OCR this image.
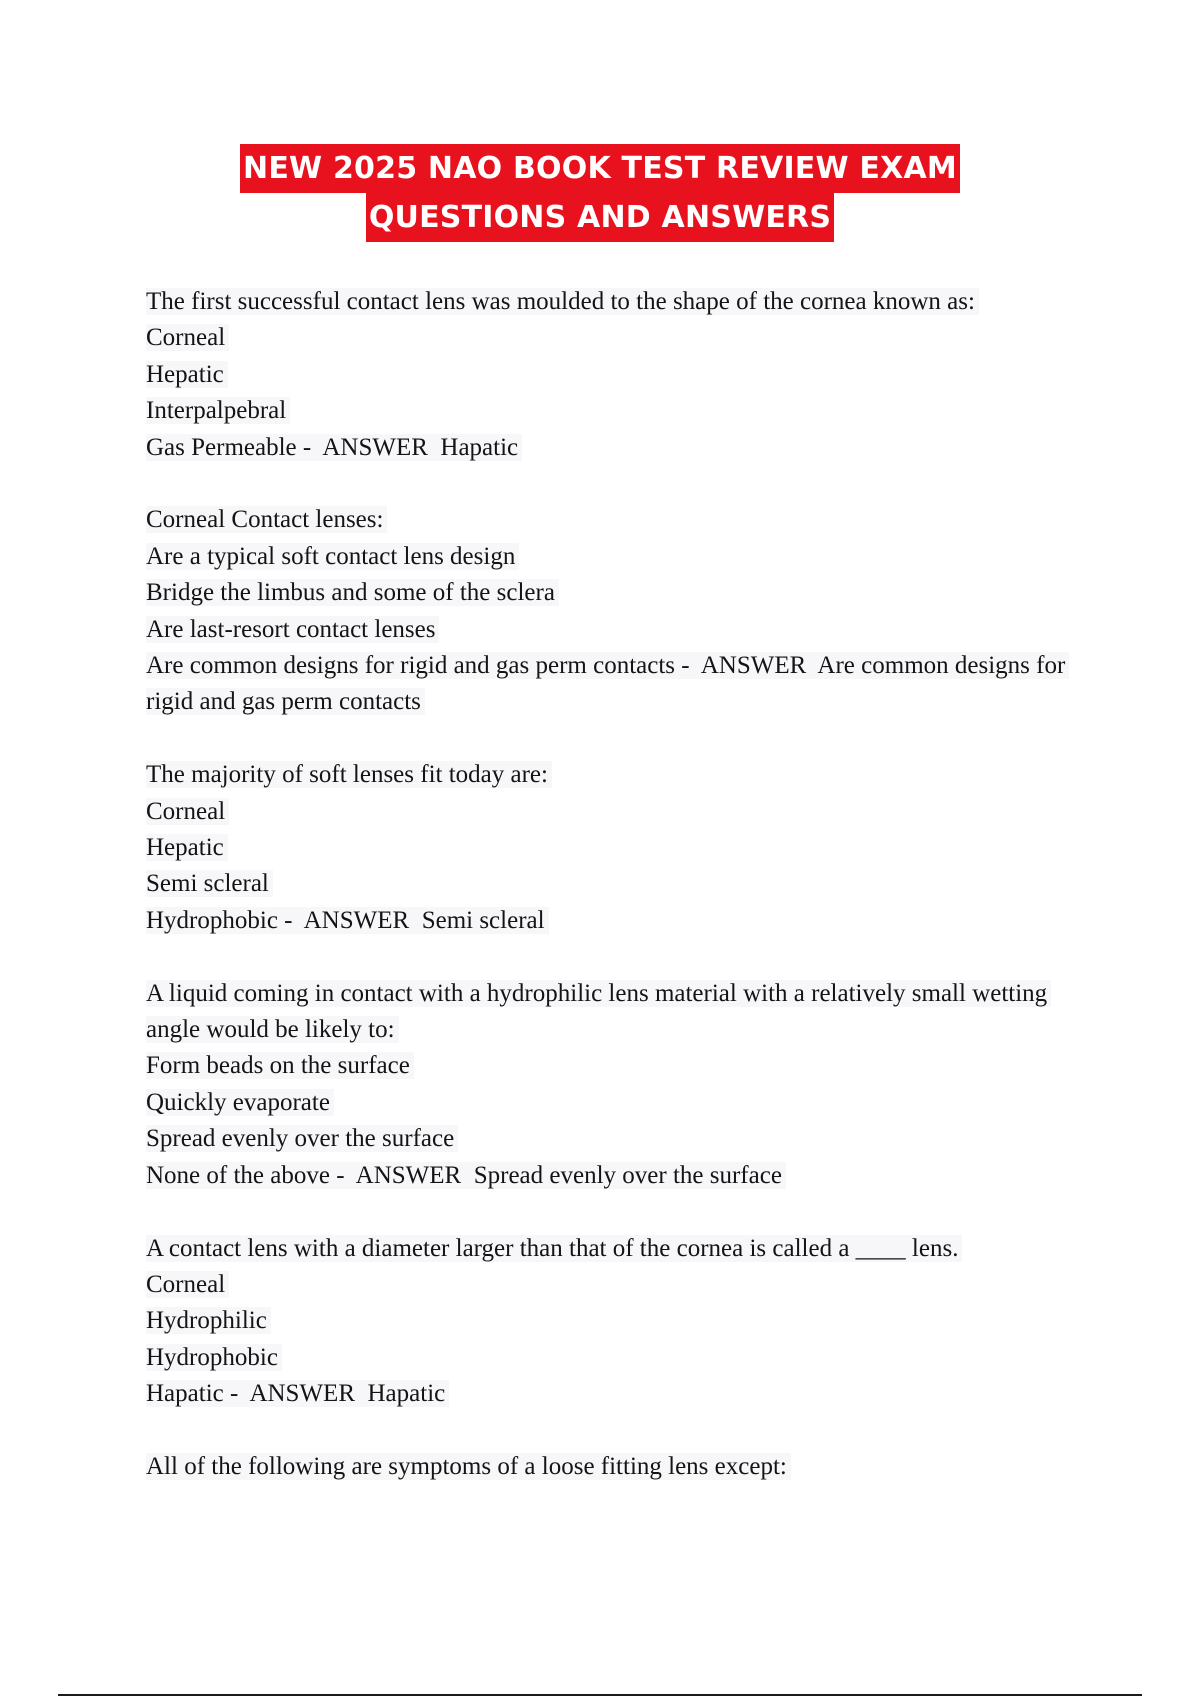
NEW 2025 NAO BOOK TEST REVIEW EXAM
QUESTIONS AND ANSWERS
The first successful contact lens was moulded to the shape of the cornea known as:
Corneal
Hepatic
Interpalpebral
Gas Permeable -  ANSWER Hapatic
Corneal Contact lenses:
Are a typical soft contact lens design
Bridge the limbus and some of the sclera
Are last-resort contact lenses
Are common designs for rigid and gas perm contacts -  ANSWER Are common designs for rigid and gas perm contacts
The majority of soft lenses fit today are:
Corneal
Hepatic
Semi scleral
Hydrophobic -  ANSWER Semi scleral
A liquid coming in contact with a hydrophilic lens material with a relatively small wetting angle would be likely to:
Form beads on the surface
Quickly evaporate
Spread evenly over the surface
None of the above -  ANSWER Spread evenly over the surface
A contact lens with a diameter larger than that of the cornea is called a ____ lens.
Corneal
Hydrophilic
Hydrophobic
Hapatic -  ANSWER Hapatic
All of the following are symptoms of a loose fitting lens except:
